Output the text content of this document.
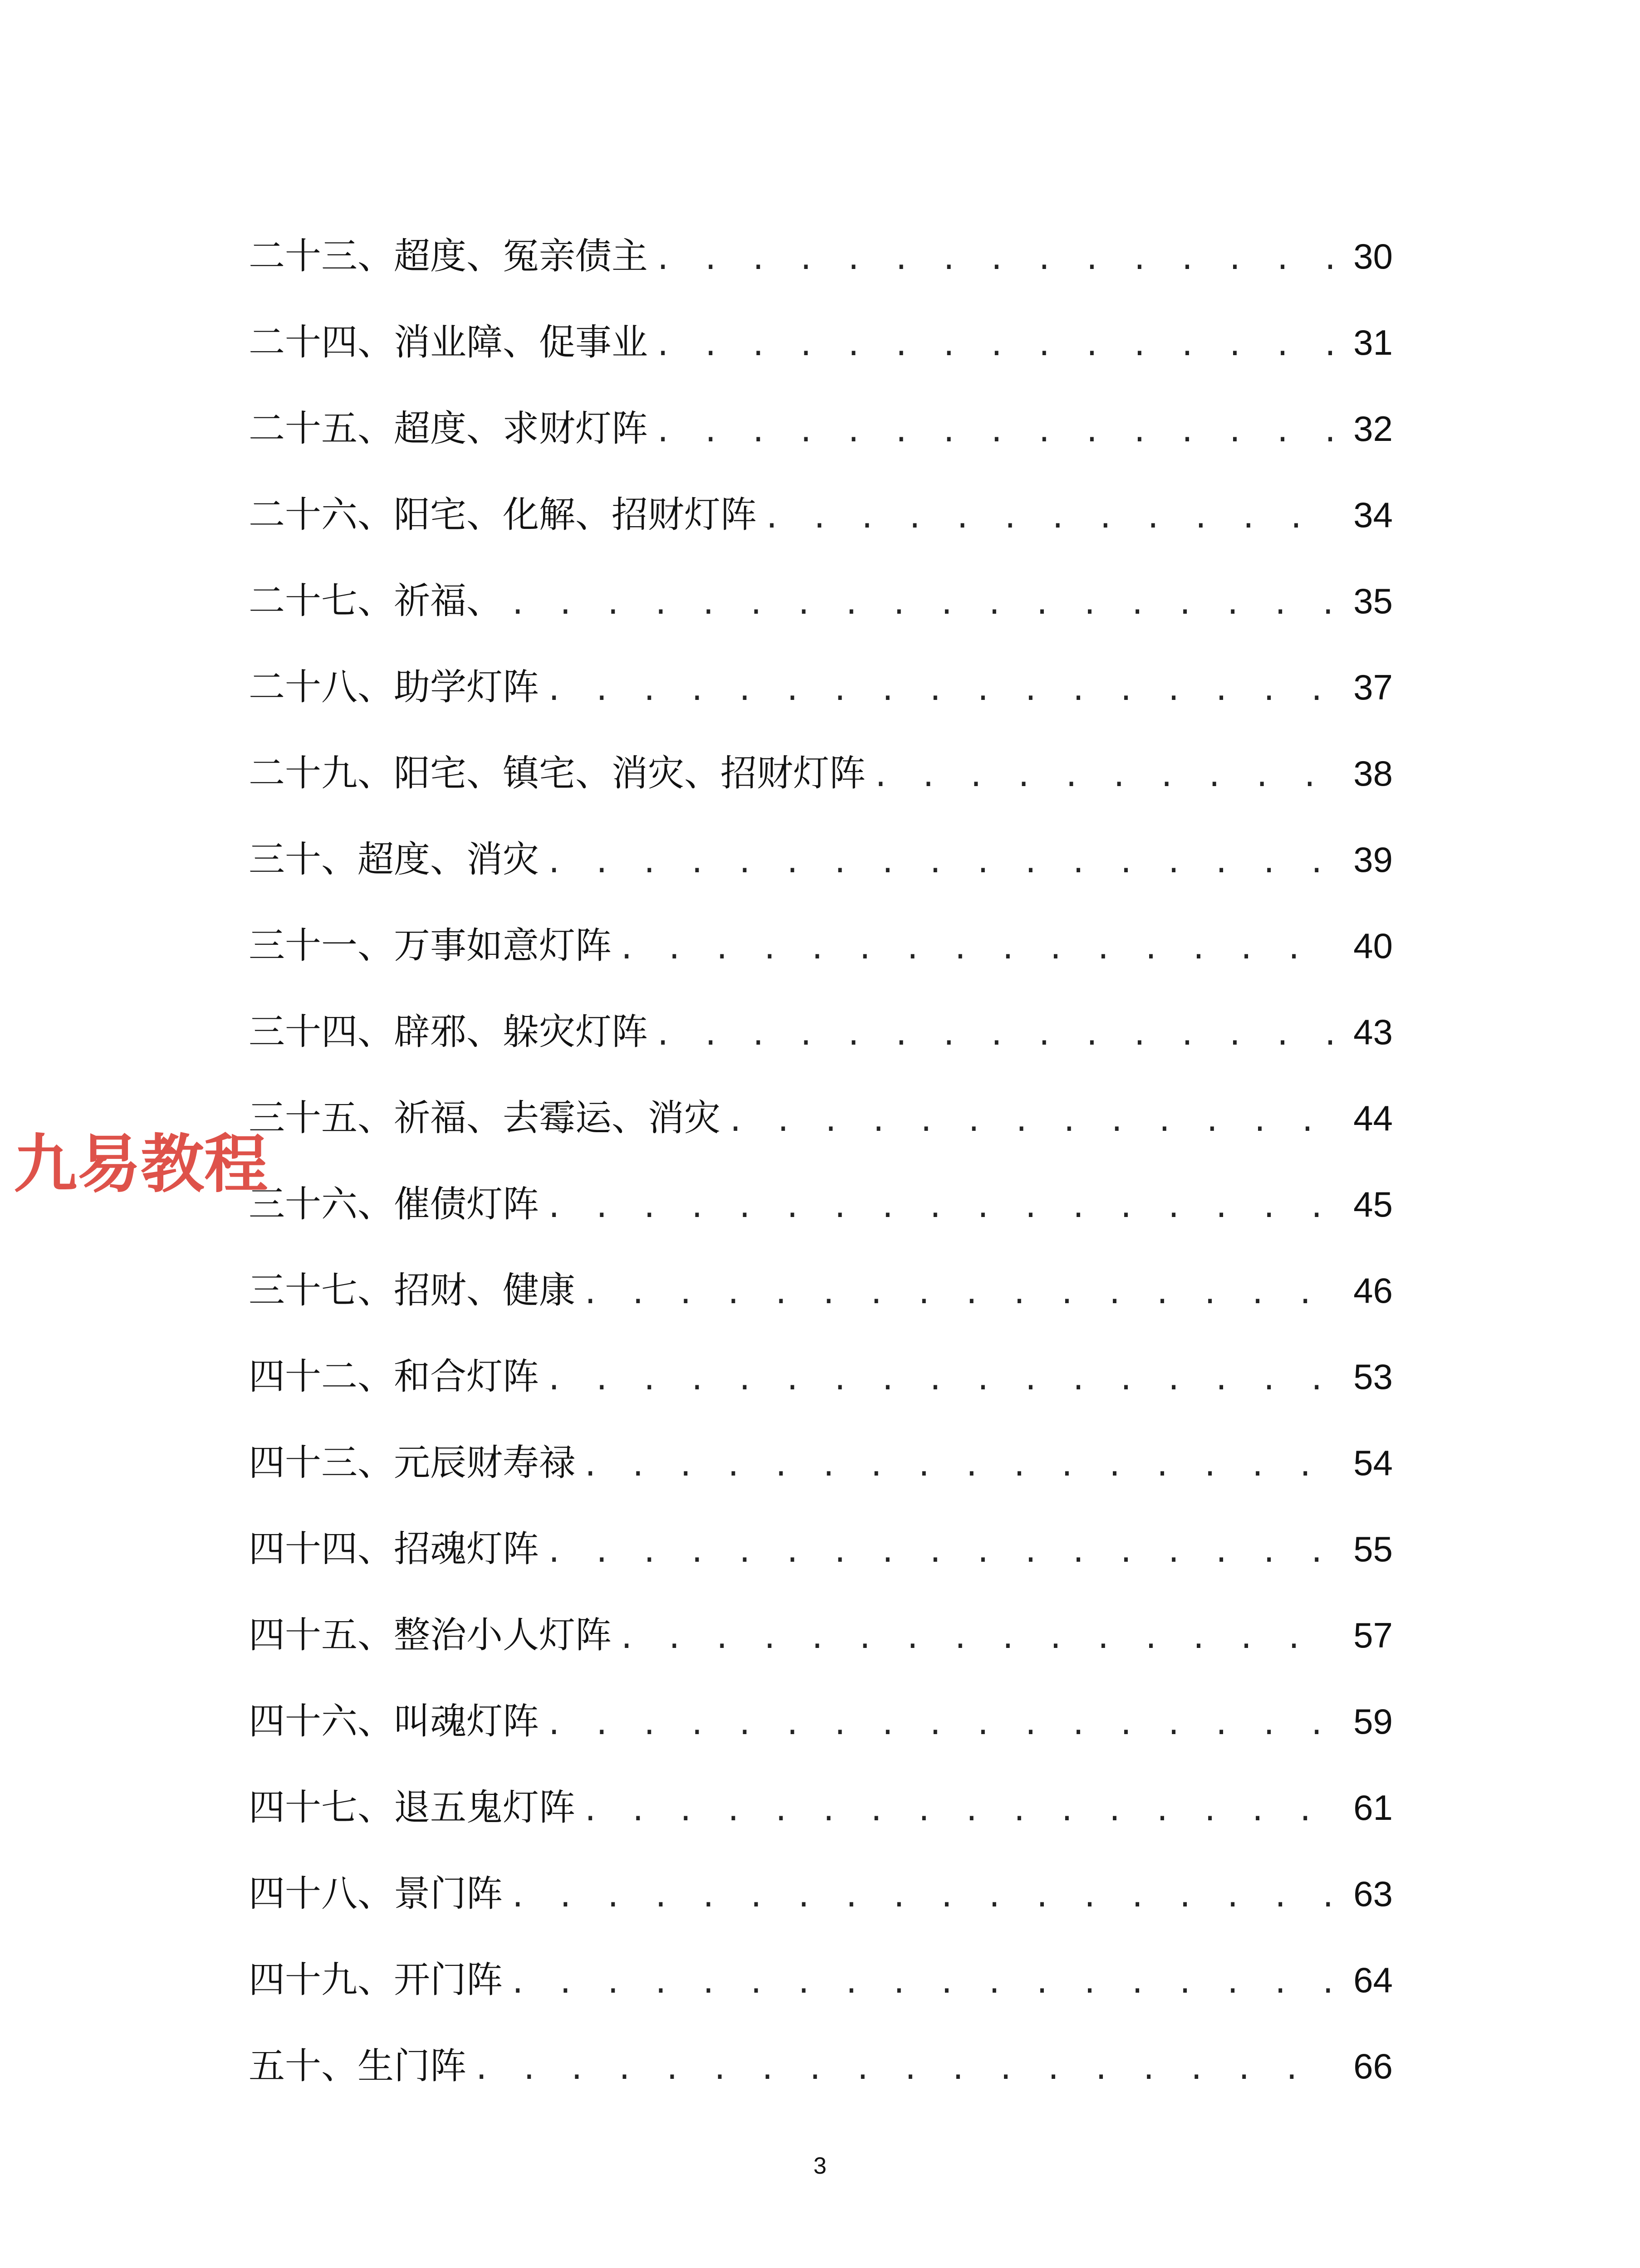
二十三、超度、冤亲债主 . . .	30
二十四、消业障、促事业 . . .	31
二十五、超度、求财灯阵 . . .	32
二十六、阳宅、化解、招财灯阵 . . .	34
二十七、祈福、 . . .	35
二十八、助学灯阵 . . .	37
二十九、阳宅、镇宅、消灾、招财灯阵 . . .	38
三十、超度、消灾 . . .	39
三十一、万事如意灯阵 . . .	40
三十四、辟邪、躲灾灯阵 . . .	43
三十五、祈福、去霉运、消灾 . . .	44
三十六、催债灯阵 . . .	45
三十七、招财、健康 . . .	46
四十二、和合灯阵 . . .	53
四十三、元辰财寿禄 . . .	54
四十四、招魂灯阵 . . .	55
四十五、整治小人灯阵 . . .	57
四十六、叫魂灯阵 . . .	59
四十七、退五鬼灯阵 . . .	61
四十八、景门阵 . . .	63
四十九、开门阵 . . .	64
五十、生门阵 . . .	66
九易教程
3
